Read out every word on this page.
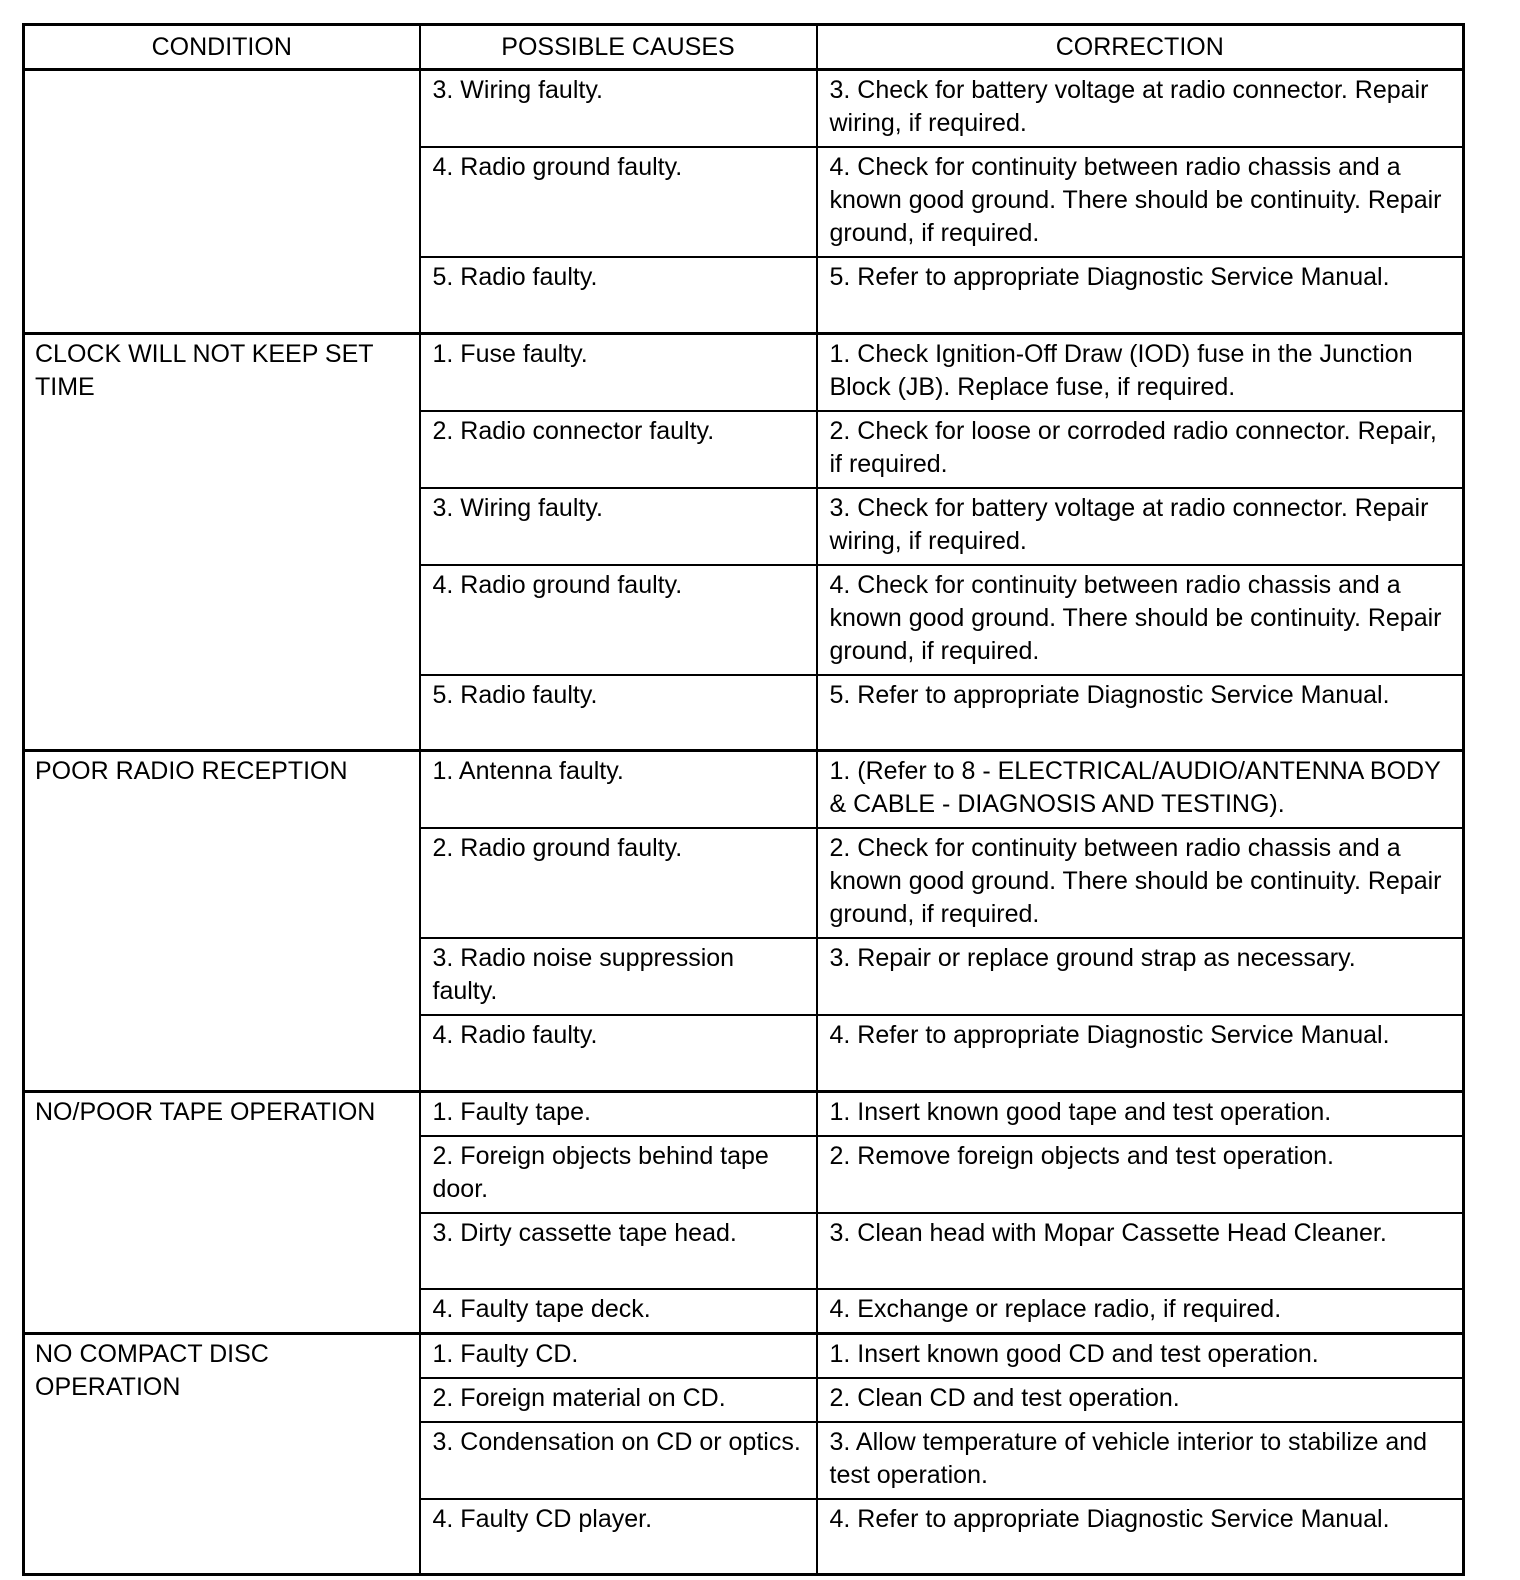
CONDITION	POSSIBLE CAUSES	CORRECTION

	3. Wiring faulty.	3. Check for battery voltage at radio connector. Repair wiring, if required.

	4. Radio ground faulty.	4. Check for continuity between radio chassis and a known good ground. There should be continuity. Repair ground, if required.

	5. Radio faulty.	5. Refer to appropriate Diagnostic Service Manual.

CLOCK WILL NOT KEEP SET TIME	1. Fuse faulty.	1. Check Ignition-Off Draw (IOD) fuse in the Junction Block (JB). Replace fuse, if required.

	2. Radio connector faulty.	2. Check for loose or corroded radio connector. Repair, if required.

	3. Wiring faulty.	3. Check for battery voltage at radio connector. Repair wiring, if required.

	4. Radio ground faulty.	4. Check for continuity between radio chassis and a known good ground. There should be continuity. Repair ground, if required.

	5. Radio faulty.	5. Refer to appropriate Diagnostic Service Manual.

POOR RADIO RECEPTION	1. Antenna faulty.	1. (Refer to 8 - ELECTRICAL/AUDIO/ANTENNA BODY & CABLE - DIAGNOSIS AND TESTING).

	2. Radio ground faulty.	2. Check for continuity between radio chassis and a known good ground. There should be continuity. Repair ground, if required.

	3. Radio noise suppression faulty.	3. Repair or replace ground strap as necessary.

	4. Radio faulty.	4. Refer to appropriate Diagnostic Service Manual.

NO/POOR TAPE OPERATION	1. Faulty tape.	1. Insert known good tape and test operation.

	2. Foreign objects behind tape door.	2. Remove foreign objects and test operation.

	3. Dirty cassette tape head.	3. Clean head with Mopar Cassette Head Cleaner.

	4. Faulty tape deck.	4. Exchange or replace radio, if required.

NO COMPACT DISC OPERATION	1. Faulty CD.	1. Insert known good CD and test operation.

	2. Foreign material on CD.	2. Clean CD and test operation.

	3. Condensation on CD or optics.	3. Allow temperature of vehicle interior to stabilize and test operation.

	4. Faulty CD player.	4. Refer to appropriate Diagnostic Service Manual.
